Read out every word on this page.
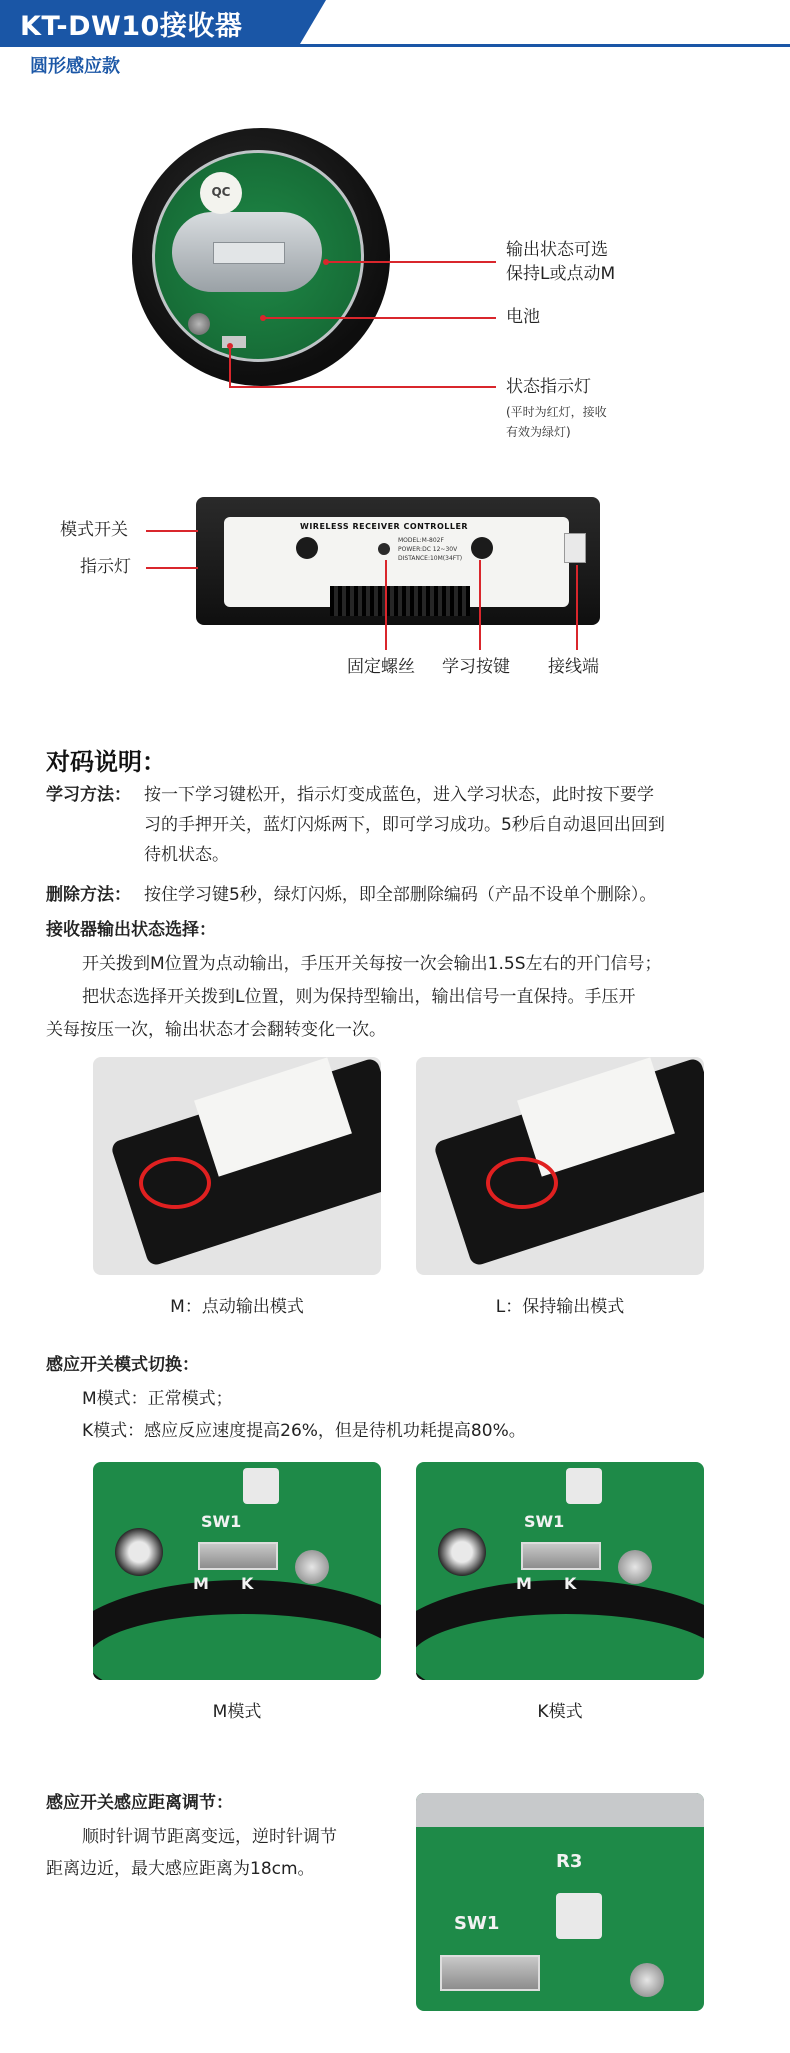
KT-DW10接收器
圆形感应款
QC
输出状态可选
保持L或点动M
电池
状态指示灯
(平时为红灯，接收
有效为绿灯)
WIRELESS RECEIVER CONTROLLER
MODEL:M-802F
POWER:DC 12~30V
DISTANCE:10M(34FT)
模式开关
指示灯
固定螺丝 学习按键 接线端
对码说明：
学习方法： 按一下学习键松开，指示灯变成蓝色，进入学习状态，此时按下要学
习的手押开关，蓝灯闪烁两下，即可学习成功。5秒后自动退回出回到
待机状态。
删除方法： 按住学习键5秒，绿灯闪烁，即全部删除编码（产品不设单个删除）。
接收器输出状态选择：
开关拨到M位置为点动输出，手压开关每按一次会输出1.5S左右的开门信号；
把状态选择开关拨到L位置，则为保持型输出，输出信号一直保持。手压开
关每按压一次，输出状态才会翻转变化一次。
M：点动输出模式	L：保持输出模式
感应开关模式切换：
M模式：正常模式；
K模式：感应反应速度提高26%，但是待机功耗提高80%。
SW1
M K
M模式
SW1
M K
K模式
感应开关感应距离调节：
顺时针调节距离变远，逆时针调节
距离边近，最大感应距离为18cm。	R3
SW1
